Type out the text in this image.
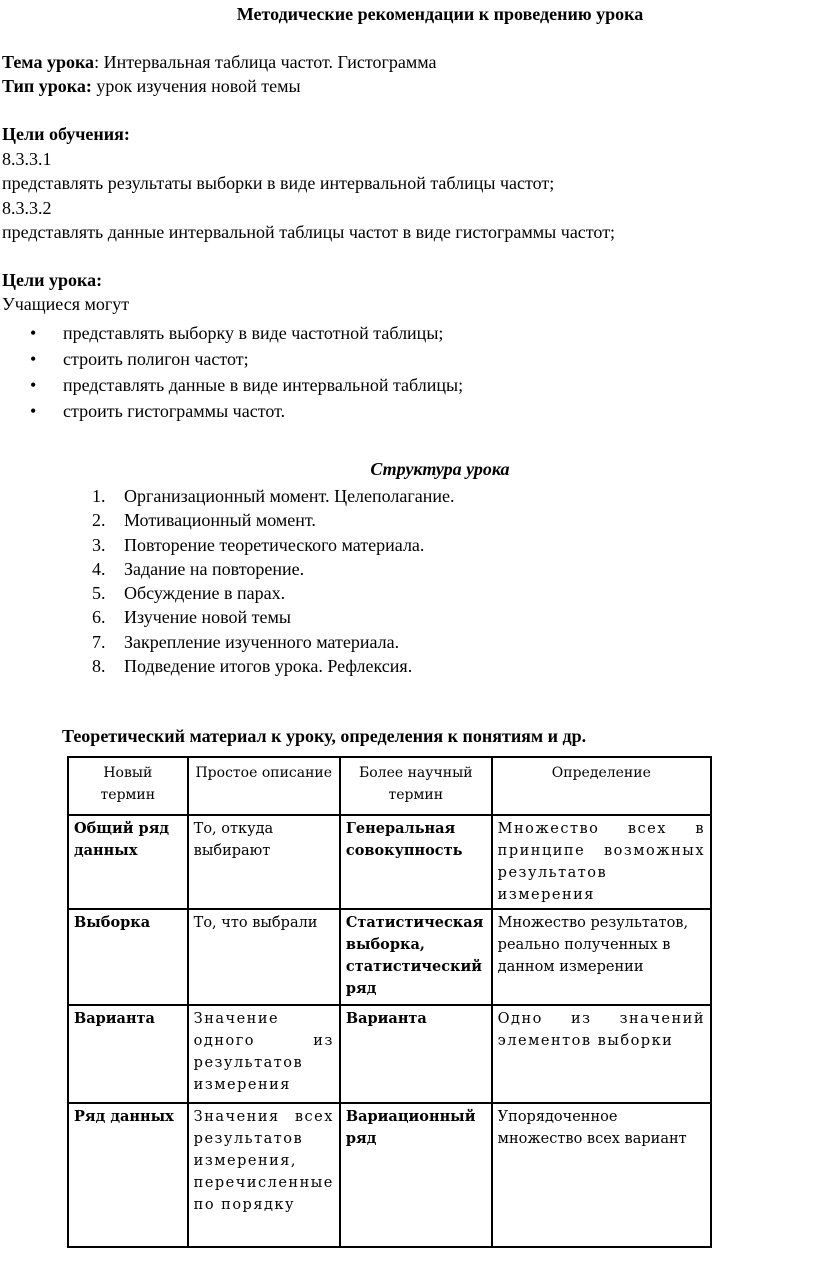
Методические рекомендации к проведению урока
Тема урока: Интервальная таблица частот. Гистограмма
Тип урока: урок изучения новой темы
Цели обучения:
8.3.3.1
представлять результаты выборки в виде интервальной таблицы частот;
8.3.3.2
представлять данные интервальной таблицы частот в виде гистограммы частот;
Цели урока:
Учащиеся могут
• представлять выборку в виде частотной таблицы;
• строить полигон частот;
• представлять данные в виде интервальной таблицы;
• строить гистограммы частот.
Структура урока
1. Организационный момент. Целеполагание.
2. Мотивационный момент.
3. Повторение теоретического материала.
4. Задание на повторение.
5. Обсуждение в парах.
6. Изучение новой темы
7. Закрепление изученного материала.
8. Подведение итогов урока. Рефлексия.
Теоретический материал к уроку, определения к понятиям и др.
Новый термин	Простое описание	Более научный термин	Определение
Общий ряд данных	То, откуда выбирают	Генеральная совокупность	Множество всех в принципе возможных результатов измерения
Выборка	То, что выбрали	Статистическая выборка, статистический ряд	Множество результатов, реально полученных в данном измерении
Варианта	Значение одного из результатов измерения	Варианта	Одно из значений элементов выборки
Ряд данных	Значения всех результатов измерения, перечисленные по порядку	Вариационный ряд	Упорядоченное множество всех вариант
